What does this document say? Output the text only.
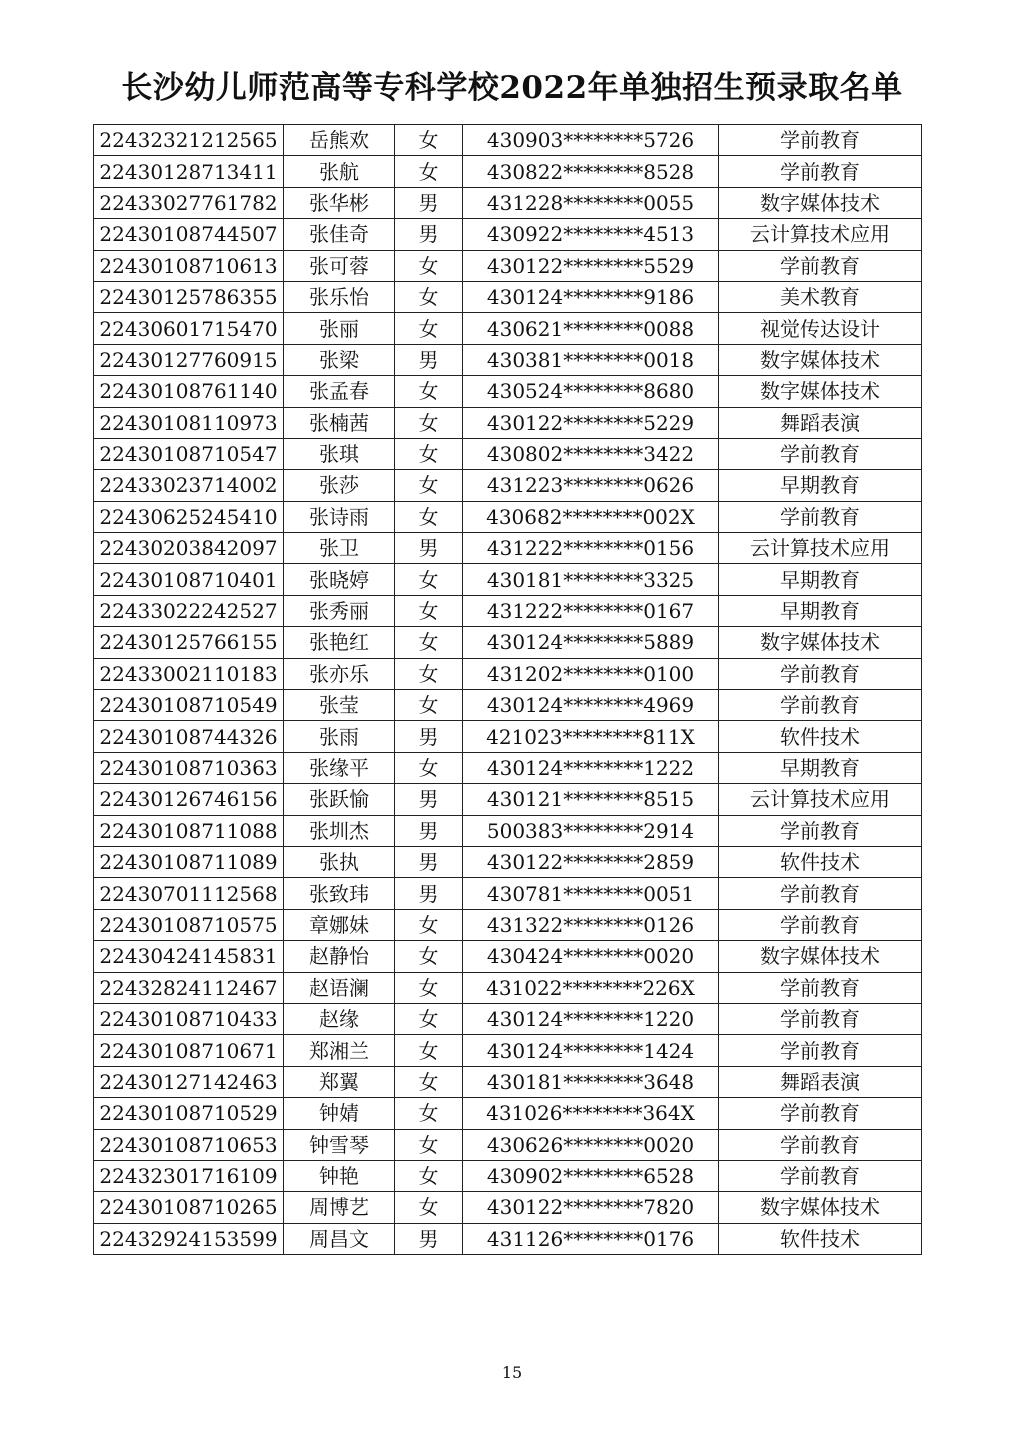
长沙幼儿师范高等专科学校2022年单独招生预录取名单
22432321212565	岳熊欢	女	430903********5726	学前教育
22430128713411	张航	女	430822********8528	学前教育
22433027761782	张华彬	男	431228********0055	数字媒体技术
22430108744507	张佳奇	男	430922********4513	云计算技术应用
22430108710613	张可蓉	女	430122********5529	学前教育
22430125786355	张乐怡	女	430124********9186	美术教育
22430601715470	张丽	女	430621********0088	视觉传达设计
22430127760915	张梁	男	430381********0018	数字媒体技术
22430108761140	张孟春	女	430524********8680	数字媒体技术
22430108110973	张楠茜	女	430122********5229	舞蹈表演
22430108710547	张琪	女	430802********3422	学前教育
22433023714002	张莎	女	431223********0626	早期教育
22430625245410	张诗雨	女	430682********002X	学前教育
22430203842097	张卫	男	431222********0156	云计算技术应用
22430108710401	张晓婷	女	430181********3325	早期教育
22433022242527	张秀丽	女	431222********0167	早期教育
22430125766155	张艳红	女	430124********5889	数字媒体技术
22433002110183	张亦乐	女	431202********0100	学前教育
22430108710549	张莹	女	430124********4969	学前教育
22430108744326	张雨	男	421023********811X	软件技术
22430108710363	张缘平	女	430124********1222	早期教育
22430126746156	张跃愉	男	430121********8515	云计算技术应用
22430108711088	张圳杰	男	500383********2914	学前教育
22430108711089	张执	男	430122********2859	软件技术
22430701112568	张致玮	男	430781********0051	学前教育
22430108710575	章娜妹	女	431322********0126	学前教育
22430424145831	赵静怡	女	430424********0020	数字媒体技术
22432824112467	赵语澜	女	431022********226X	学前教育
22430108710433	赵缘	女	430124********1220	学前教育
22430108710671	郑湘兰	女	430124********1424	学前教育
22430127142463	郑翼	女	430181********3648	舞蹈表演
22430108710529	钟婧	女	431026********364X	学前教育
22430108710653	钟雪琴	女	430626********0020	学前教育
22432301716109	钟艳	女	430902********6528	学前教育
22430108710265	周博艺	女	430122********7820	数字媒体技术
22432924153599	周昌文	男	431126********0176	软件技术
15
